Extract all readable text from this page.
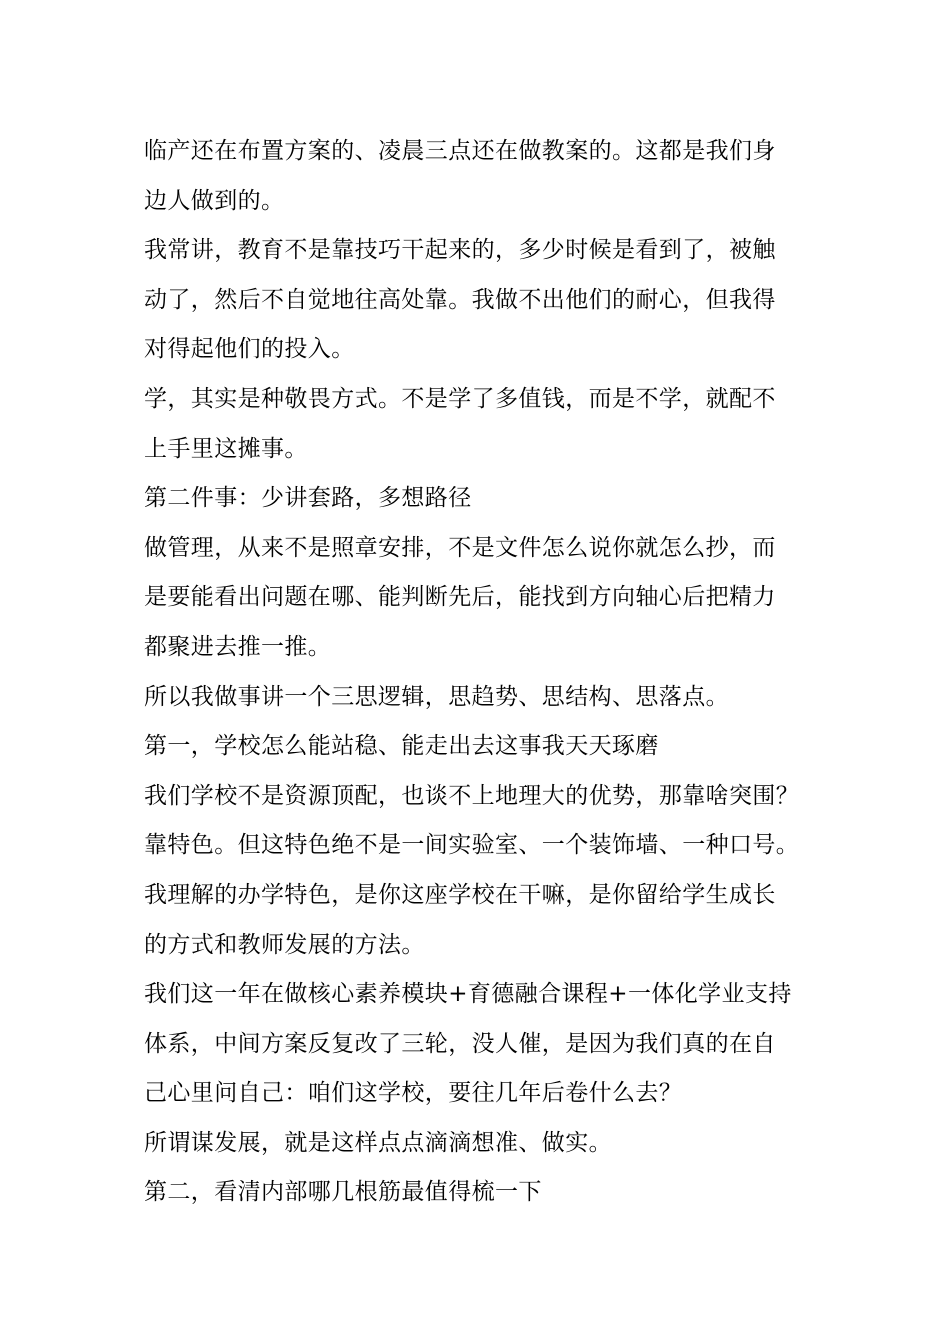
临产还在布置方案的、凌晨三点还在做教案的。这都是我们身
边人做到的。
我常讲，教育不是靠技巧干起来的，多少时候是看到了，被触
动了，然后不自觉地往高处靠。我做不出他们的耐心，但我得
对得起他们的投入。
学，其实是种敬畏方式。不是学了多值钱，而是不学，就配不
上手里这摊事。
第二件事：少讲套路，多想路径
做管理，从来不是照章安排，不是文件怎么说你就怎么抄，而
是要能看出问题在哪、能判断先后，能找到方向轴心后把精力
都聚进去推一推。
所以我做事讲一个三思逻辑，思趋势、思结构、思落点。
第一，学校怎么能站稳、能走出去这事我天天琢磨
我们学校不是资源顶配，也谈不上地理大的优势，那靠啥突围？
靠特色。但这特色绝不是一间实验室、一个装饰墙、一种口号。
我理解的办学特色，是你这座学校在干嘛，是你留给学生成长
的方式和教师发展的方法。
我们这一年在做核心素养模块+育德融合课程+一体化学业支持
体系，中间方案反复改了三轮，没人催，是因为我们真的在自
己心里问自己：咱们这学校，要往几年后卷什么去？
所谓谋发展，就是这样点点滴滴想准、做实。
第二，看清内部哪几根筋最值得梳一下
